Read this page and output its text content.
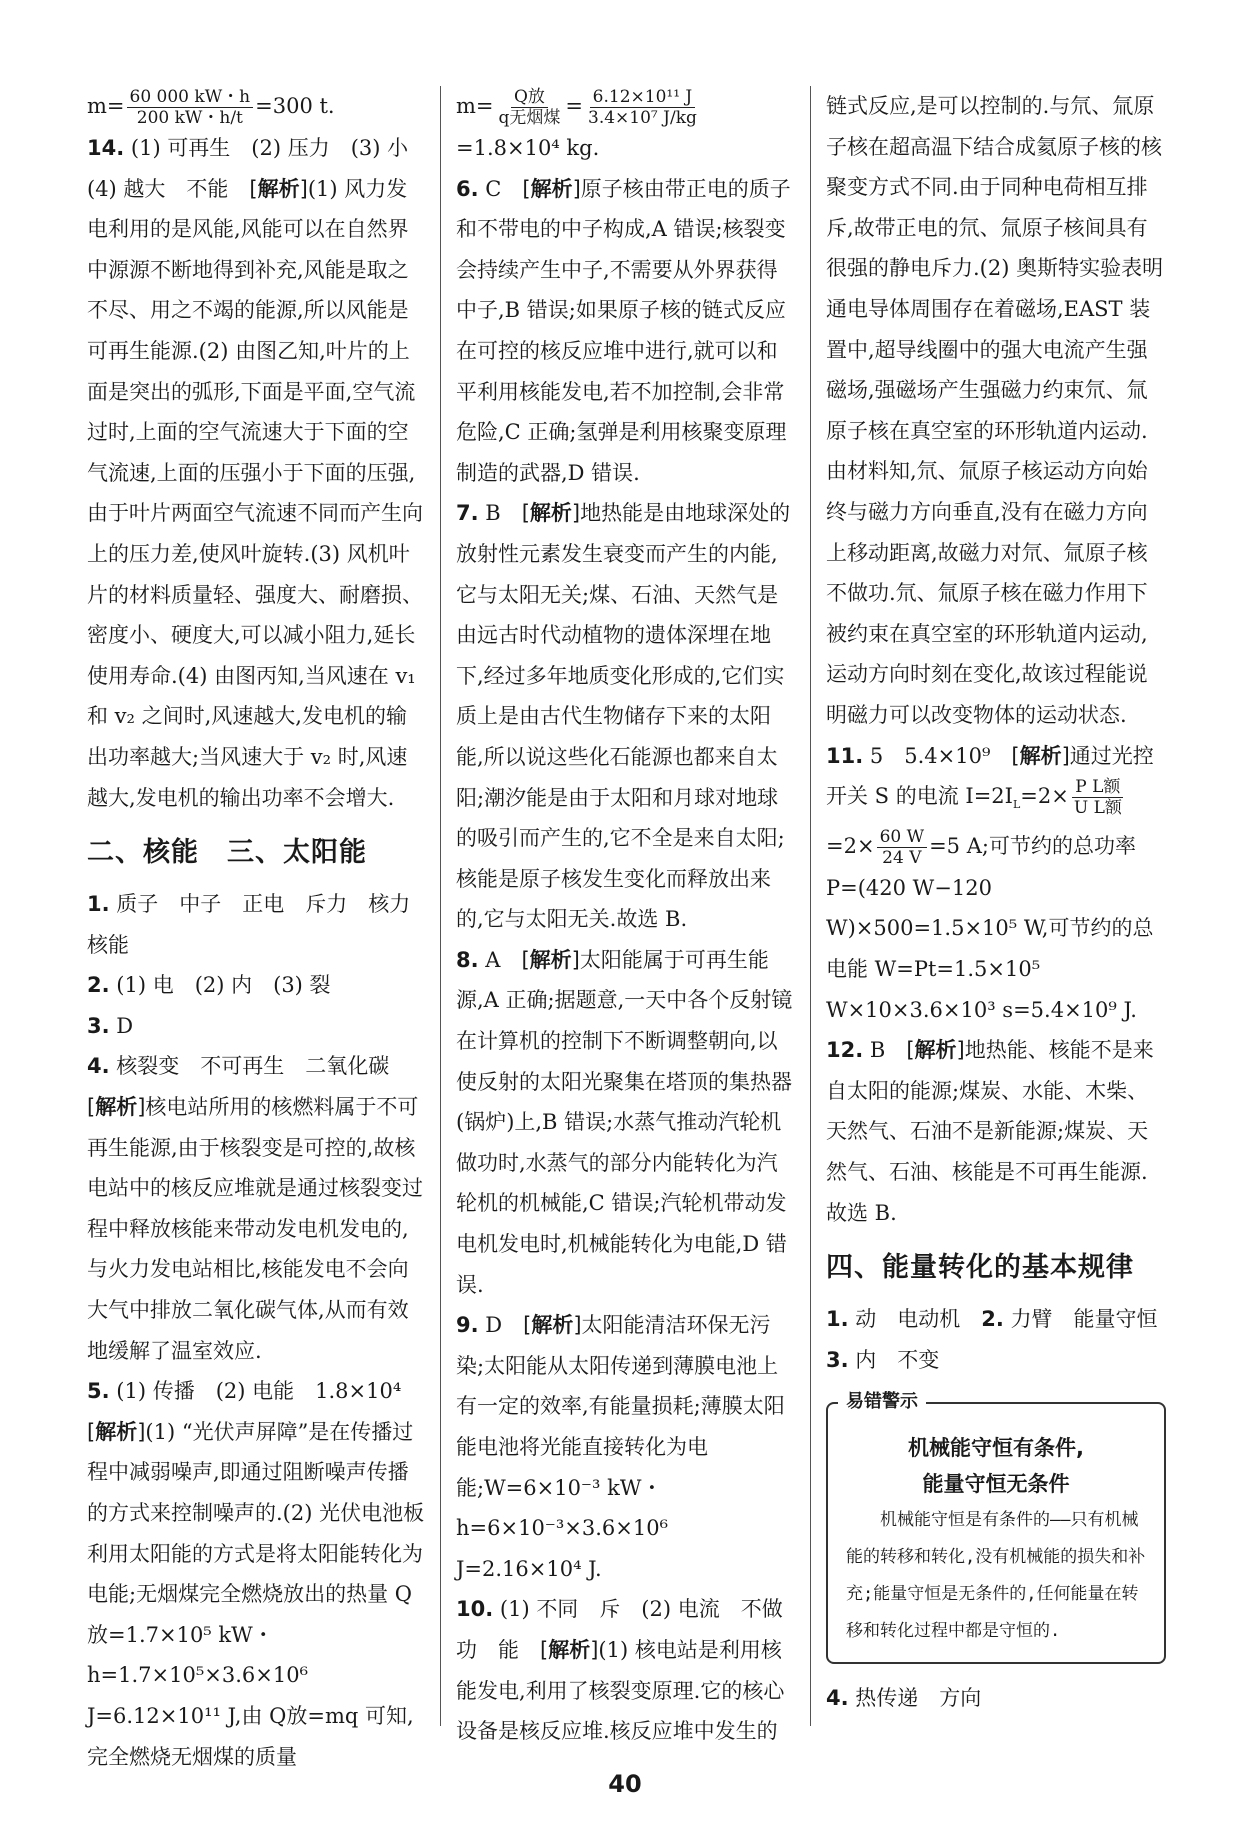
$m= \frac{60 000 kW・h}{200 kW・h/t} =300$ t.

14. (1) 可再生　(2) 压力　(3) 小　(4) 越大　不能　 [ 解析 ] (1) 风力发电利用的是风能,风能可以在自然界中源源不断地得到补充,风能是取之不尽、用之不竭的能源,所以风能是可再生能源.(2) 由图乙知,叶片的上面是突出的弧形,下面是平面,空气流过时,上面的空气流速大于下面的空气流速,上面的压强小于下面的压强,由于叶片两面空气流速不同而产生向上的压力差,使风叶旋转.(3) 风机叶片的材料质量轻、强度大、耐磨损、密度小、硬度大,可以减小阻力,延长使用寿命.(4) 由图丙知,当风速在 v₁ 和 v₂ 之间时,风速越大,发电机的输出功率越大;当风速大于 v₂ 时,风速越大,发电机的输出功率不会增大.

二、核能　三、太阳能

1. 质子　中子　正电　斥力　核力　核能

2. (1) 电　(2) 内　(3) 裂

3. D

4. 核裂变　不可再生　二氧化碳
[ 解析 ] 核电站所用的核燃料属于不可再生能源,由于核裂变是可控的,故核电站中的核反应堆就是通过核裂变过程中释放核能来带动发电机发电的,与火力发电站相比,核能发电不会向大气中排放二氧化碳气体,从而有效地缓解了温室效应.

5. (1) 传播　(2) 电能　1.8×10⁴
[ 解析 ] (1) “光伏声屏障”是在传播过程中减弱噪声,即通过阻断噪声传播的方式来控制噪声的.(2) 光伏电池板利用太阳能的方式是将太阳能转化为电能;无烟煤完全燃烧放出的热量 Q放=1.7×10⁵ kW・h=1.7×10⁵×3.6×10⁶ J=6.12×10¹¹ J,由 Q放=mq 可知,完全燃烧无烟煤的质量

$m= \frac{\text{Q放}}{\text{q无烟煤}} = \frac{\text{6.12×10¹¹ J}}{\text{3.4×10⁷ J/kg}}$
=1.8×10⁴ kg.

6. C　 [ 解析 ] 原子核由带正电的质子和不带电的中子构成,A 错误;核裂变会持续产生中子,不需要从外界获得中子,B 错误;如果原子核的链式反应在可控的核反应堆中进行,就可以和平利用核能发电,若不加控制,会非常危险,C 正确;氢弹是利用核聚变原理制造的武器,D 错误.

7. B　 [ 解析 ] 地热能是由地球深处的放射性元素发生衰变而产生的内能,它与太阳无关;煤、石油、天然气是由远古时代动植物的遗体深埋在地下,经过多年地质变化形成的,它们实质上是由古代生物储存下来的太阳能,所以说这些化石能源也都来自太阳;潮汐能是由于太阳和月球对地球的吸引而产生的,它不全是来自太阳;核能是原子核发生变化而释放出来的,它与太阳无关.故选 B.

8. A　 [ 解析 ] 太阳能属于可再生能源,A 正确;据题意,一天中各个反射镜在计算机的控制下不断调整朝向,以使反射的太阳光聚集在塔顶的集热器(锅炉)上,B 错误;水蒸气推动汽轮机做功时,水蒸气的部分内能转化为汽轮机的机械能,C 错误;汽轮机带动发电机发电时,机械能转化为电能,D 错误.

9. D　 [ 解析 ] 太阳能清洁环保无污染;太阳能从太阳传递到薄膜电池上有一定的效率,有能量损耗;薄膜太阳能电池将光能直接转化为电能;W=6×10⁻³ kW・h=6×10⁻³×3.6×10⁶ J=2.16×10⁴ J.

10. (1) 不同　斥　(2) 电流　不做功　能　 [ 解析 ] (1) 核电站是利用核能发电,利用了核裂变原理.它的核心设备是核反应堆.核反应堆中发生的

链式反应,是可以控制的.与氘、氚原子核在超高温下结合成氦原子核的核聚变方式不同.由于同种电荷相互排斥,故带正电的氘、氚原子核间具有很强的静电斥力.(2) 奥斯特实验表明通电导体周围存在着磁场,EAST 装置中,超导线圈中的强大电流产生强磁场,强磁场产生强磁力约束氘、氚原子核在真空室的环形轨道内运动.由材料知,氘、氚原子核运动方向始终与磁力方向垂直,没有在磁力方向上移动距离,故磁力对氘、氚原子核不做功.氘、氚原子核在磁力作用下被约束在真空室的环形轨道内运动,运动方向时刻在变化,故该过程能说明磁力可以改变物体的运动状态.

11. 5　5.4×10⁹　 [ 解析 ] 通过光控开关 S 的电流 $I=2I_L=2\times \frac{\text{P L额}}{\text{U L额}}$
$=2\times \frac{60 W}{24 V} =5$ A;可节约的总功率 P=(420 W−120 W)×500=1.5×10⁵ W,可节约的总电能 W=Pt=1.5×10⁵ W×10×3.6×10³ s=5.4×10⁹ J.

12. B　 [ 解析 ] 地热能、核能不是来自太阳的能源;煤炭、水能、木柴、天然气、石油不是新能源;煤炭、天然气、石油、核能是不可再生能源.故选 B.

四、能量转化的基本规律

1. 动　电动机　 2. 力臂　能量守恒

3. 内　不变

易错警示
机械能守恒有条件,
能量守恒无条件
机械能守恒是有条件的——只有机械能的转移和转化,没有机械能的损失和补充;能量守恒是无条件的,任何能量在转移和转化过程中都是守恒的.

4. 热传递　方向

40
